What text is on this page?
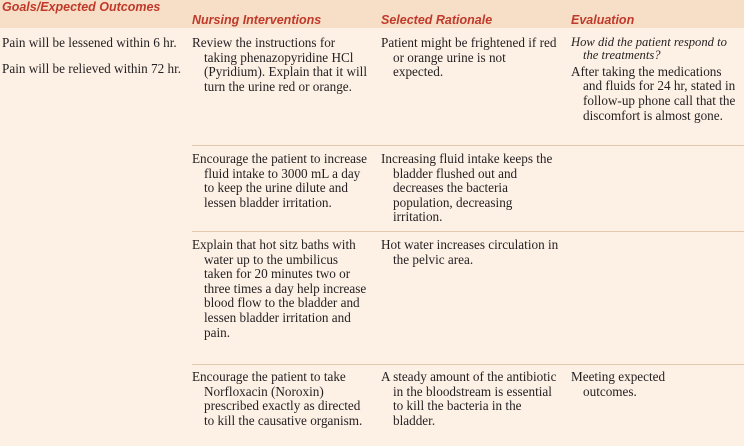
Goals/Expected Outcomes
Nursing Interventions	Selected Rationale	Evaluation

Pain will be lessened within 6 hr.

Pain will be relieved within 72 hr.

Review the instructions for taking phenazopyridine HCl (Pyridium). Explain that it will turn the urine red or orange.

Patient might be frightened if red or orange urine is not expected.

How did the patient respond to the treatments?

After taking the medications and fluids for 24 hr, stated in follow-up phone call that the discomfort is almost gone.

Encourage the patient to increase fluid intake to 3000 mL a day to keep the urine dilute and lessen bladder irritation.

Increasing fluid intake keeps the bladder flushed out and decreases the bacteria population, decreasing irritation.

Explain that hot sitz baths with water up to the umbilicus taken for 20 minutes two or three times a day help increase blood flow to the bladder and lessen bladder irritation and pain.

Hot water increases circulation in the pelvic area.

Encourage the patient to take Norfloxacin (Noroxin) prescribed exactly as directed to kill the causative organism.

A steady amount of the antibiotic in the bloodstream is essential to kill the bacteria in the bladder.

Meeting expected outcomes.
